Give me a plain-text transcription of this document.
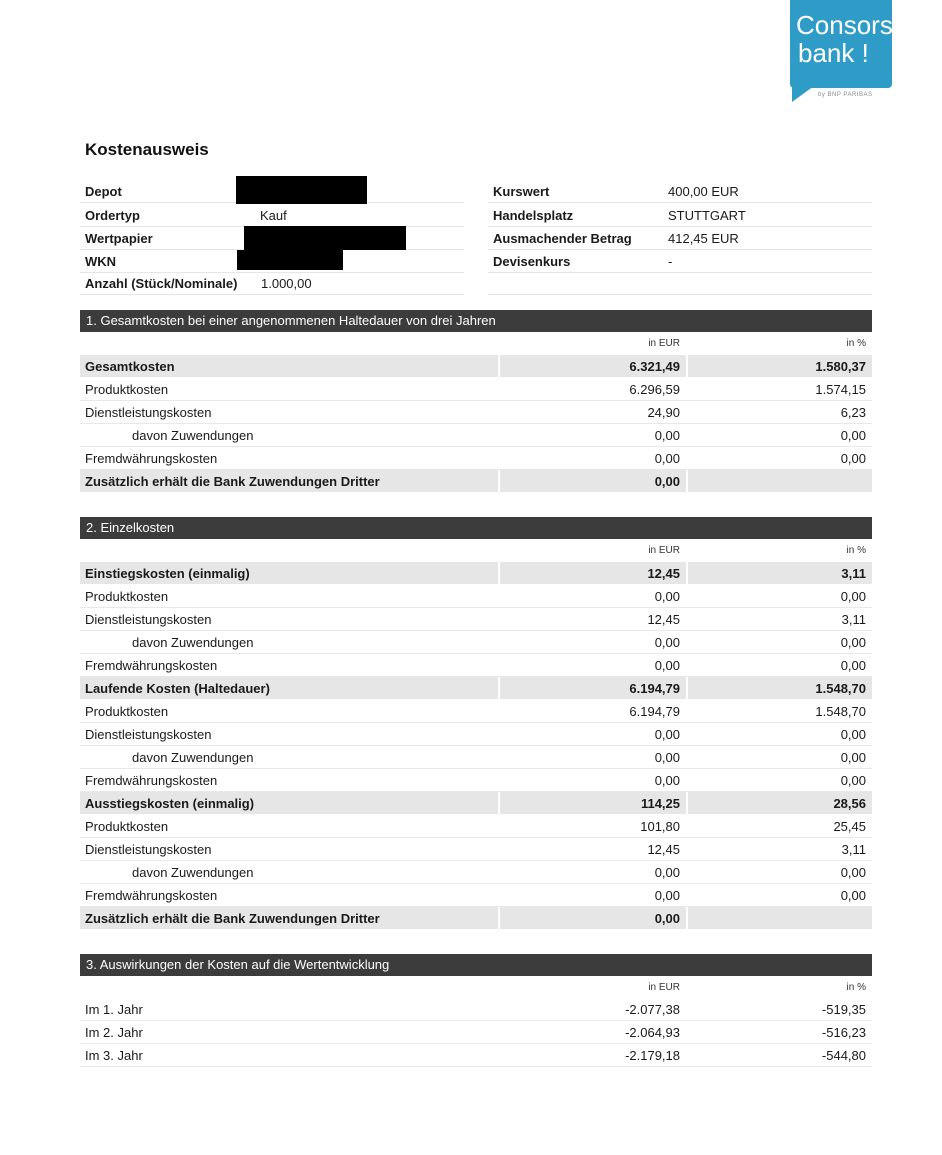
Consors
bank !
by BNP PARIBAS
Kostenausweis
Depot
Ordertyp	Kauf
Wertpapier
WKN
Anzahl (Stück/Nominale) 1.000,00
Kurswert	400,00 EUR
Handelsplatz	STUTTGART
Ausmachender Betrag	412,45 EUR
Devisenkurs	-
1. Gesamtkosten bei einer angenommenen Haltedauer von drei Jahren
in EUR	in %
Gesamtkosten	6.321,49	1.580,37
Produktkosten	6.296,59	1.574,15
Dienstleistungskosten	24,90	6,23
davon Zuwendungen	0,00	0,00
Fremdwährungskosten	0,00	0,00
Zusätzlich erhält die Bank Zuwendungen Dritter	0,00
2. Einzelkosten
in EUR	in %
Einstiegskosten (einmalig)	12,45	3,11
Produktkosten	0,00	0,00
Dienstleistungskosten	12,45	3,11
davon Zuwendungen	0,00	0,00
Fremdwährungskosten	0,00	0,00
Laufende Kosten (Haltedauer)	6.194,79	1.548,70
Produktkosten	6.194,79	1.548,70
Dienstleistungskosten	0,00	0,00
davon Zuwendungen	0,00	0,00
Fremdwährungskosten	0,00	0,00
Ausstiegskosten (einmalig)	114,25	28,56
Produktkosten	101,80	25,45
Dienstleistungskosten	12,45	3,11
davon Zuwendungen	0,00	0,00
Fremdwährungskosten	0,00	0,00
Zusätzlich erhält die Bank Zuwendungen Dritter	0,00
3. Auswirkungen der Kosten auf die Wertentwicklung
in EUR	in %
Im 1. Jahr	-2.077,38	-519,35
Im 2. Jahr	-2.064,93	-516,23
Im 3. Jahr	-2.179,18	-544,80
